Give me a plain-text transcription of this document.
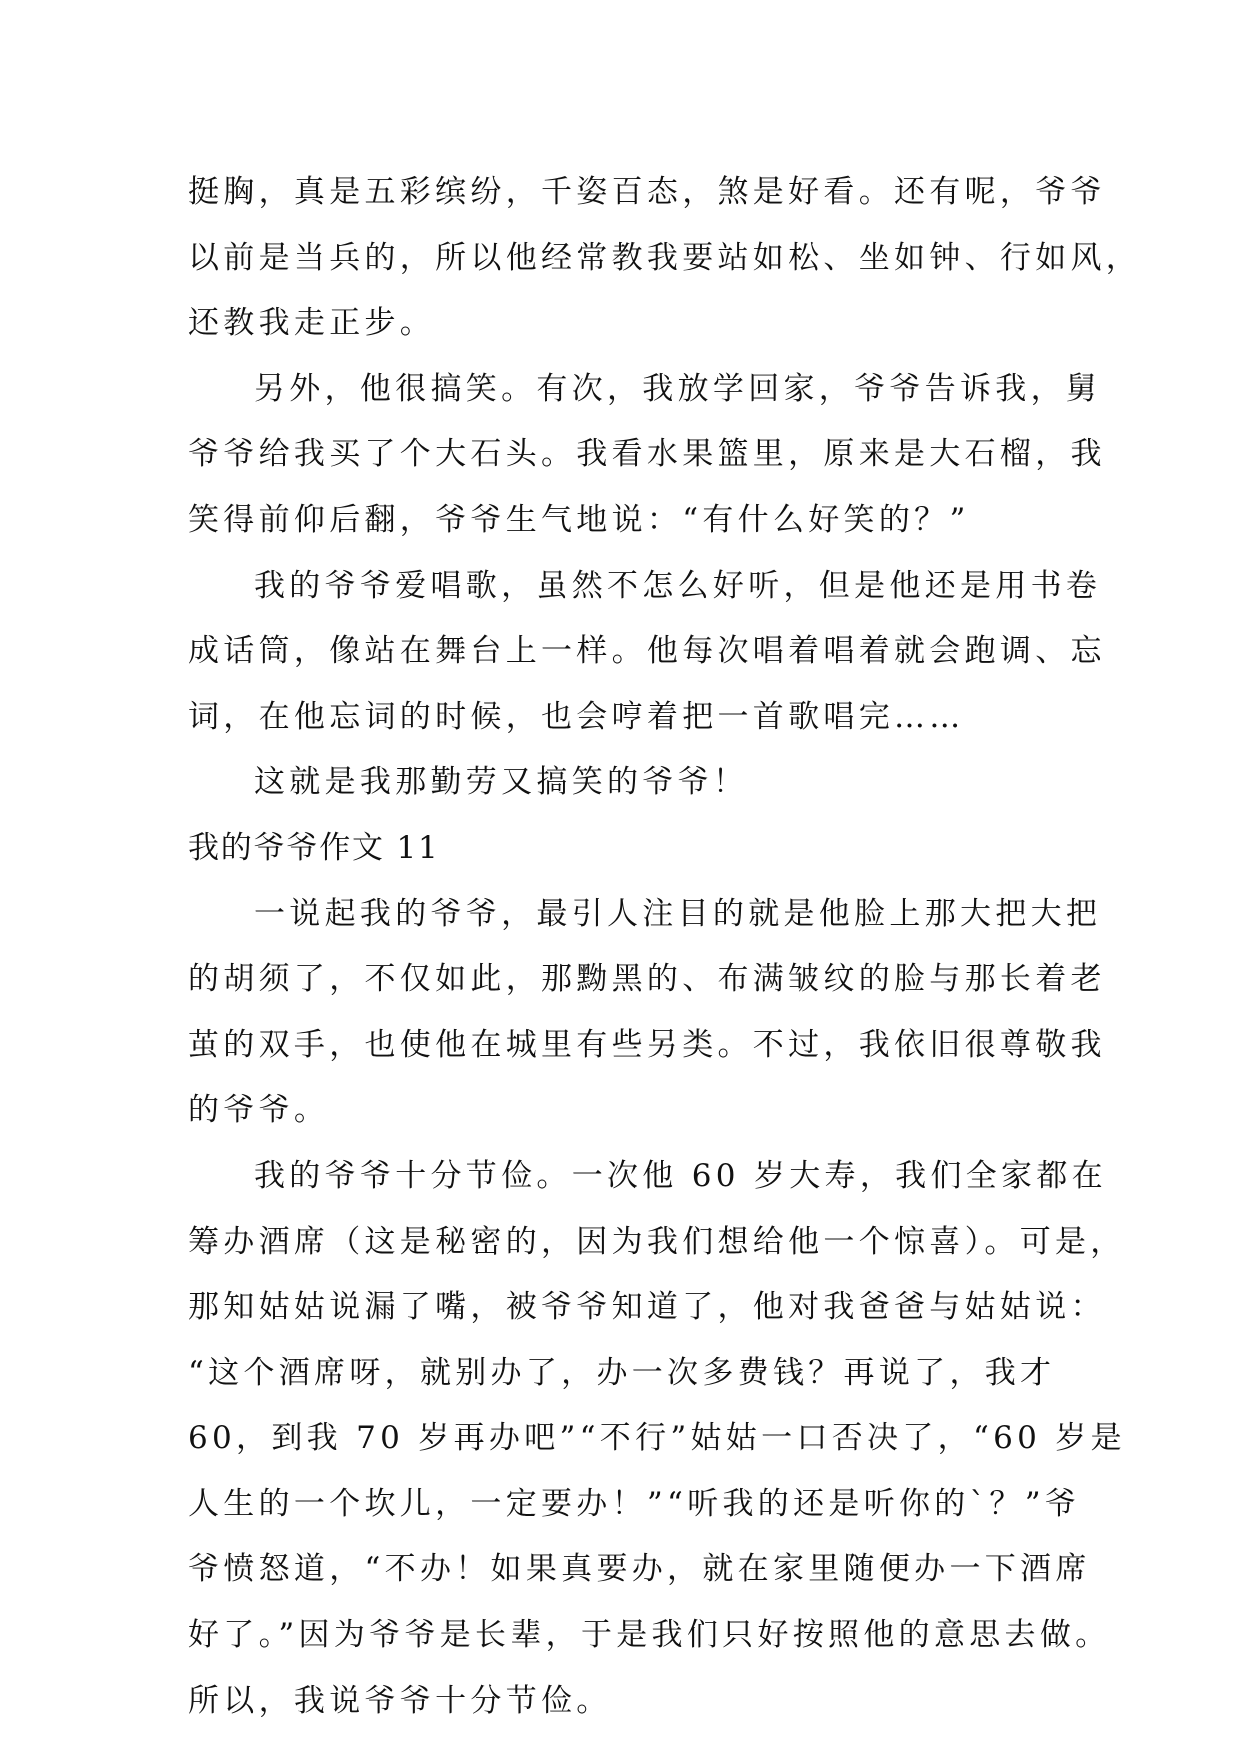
挺胸，真是五彩缤纷，千姿百态，煞是好看。还有呢，爷爷
以前是当兵的，所以他经常教我要站如松、坐如钟、行如风，
还教我走正步。
另外，他很搞笑。有次，我放学回家，爷爷告诉我，舅
爷爷给我买了个大石头。我看水果篮里，原来是大石榴，我
笑得前仰后翻，爷爷生气地说：“有什么好笑的？”
我的爷爷爱唱歌，虽然不怎么好听，但是他还是用书卷
成话筒，像站在舞台上一样。他每次唱着唱着就会跑调、忘
词，在他忘词的时候，也会哼着把一首歌唱完……
这就是我那勤劳又搞笑的爷爷！
我的爷爷作文 11
一说起我的爷爷，最引人注目的就是他脸上那大把大把
的胡须了，不仅如此，那黝黑的、布满皱纹的脸与那长着老
茧的双手，也使他在城里有些另类。不过，我依旧很尊敬我
的爷爷。
我的爷爷十分节俭。一次他 60 岁大寿，我们全家都在
筹办酒席（这是秘密的，因为我们想给他一个惊喜）。可是，
那知姑姑说漏了嘴，被爷爷知道了，他对我爸爸与姑姑说：
“这个酒席呀，就别办了，办一次多费钱？再说了，我才
60，到我 70 岁再办吧”“不行”姑姑一口否决了，“60 岁是
人生的一个坎儿，一定要办！”“听我的还是听你的`？”爷
爷愤怒道，“不办！如果真要办，就在家里随便办一下酒席
好了。”因为爷爷是长辈，于是我们只好按照他的意思去做。
所以，我说爷爷十分节俭。
